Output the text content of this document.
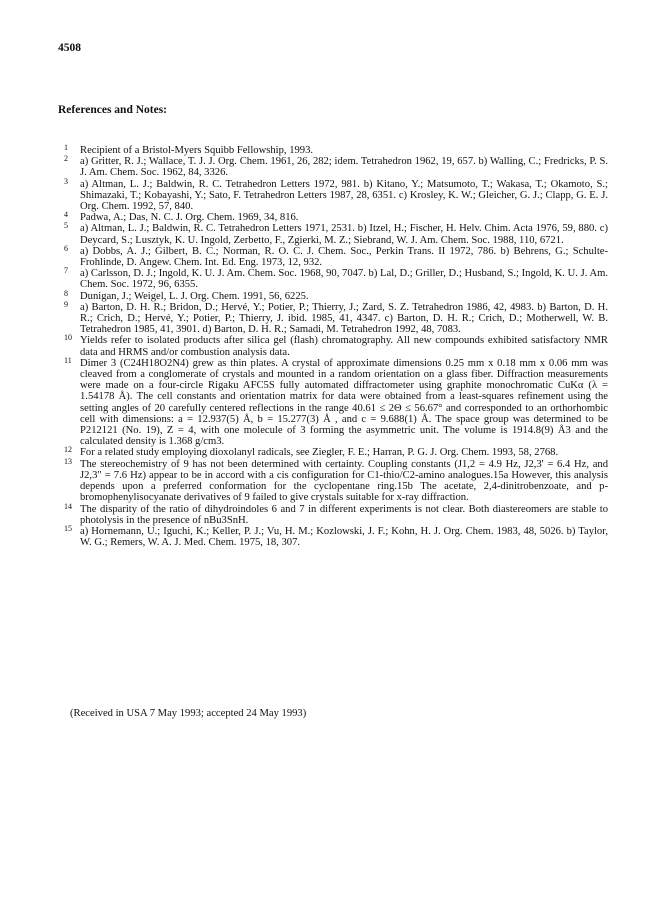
4508
References and Notes:

1 Recipient of a Bristol-Myers Squibb Fellowship, 1993.

2 a) Gritter, R. J.; Wallace, T. J. J. Org. Chem. 1961, 26, 282; idem. Tetrahedron 1962, 19, 657. b) Walling, C.; Fredricks, P. S. J. Am. Chem. Soc. 1962, 84, 3326.

3 a) Altman, L. J.; Baldwin, R. C. Tetrahedron Letters 1972, 981. b) Kitano, Y.; Matsumoto, T.; Wakasa, T.; Okamoto, S.; Shimazaki, T.; Kobayashi, Y.; Sato, F. Tetrahedron Letters 1987, 28, 6351. c) Krosley, K. W.; Gleicher, G. J.; Clapp, G. E. J. Org. Chem. 1992, 57, 840.

4 Padwa, A.; Das, N. C. J. Org. Chem. 1969, 34, 816.

5 a) Altman, L. J.; Baldwin, R. C. Tetrahedron Letters 1971, 2531. b) Itzel, H.; Fischer, H. Helv. Chim. Acta 1976, 59, 880. c) Deycard, S.; Lusztyk, K. U. Ingold, Zerbetto, F., Zgierki, M. Z.; Siebrand, W. J. Am. Chem. Soc. 1988, 110, 6721.

6 a) Dobbs, A. J.; Gilbert, B. C.; Norman, R. O. C. J. Chem. Soc., Perkin Trans. II 1972, 786. b) Behrens, G.; Schulte-Frohlinde, D. Angew. Chem. Int. Ed. Eng. 1973, 12, 932.

7 a) Carlsson, D. J.; Ingold, K. U. J. Am. Chem. Soc. 1968, 90, 7047. b) Lal, D.; Griller, D.; Husband, S.; Ingold, K. U. J. Am. Chem. Soc. 1972, 96, 6355.

8 Dunigan, J.; Weigel, L. J. Org. Chem. 1991, 56, 6225.

9 a) Barton, D. H. R.; Bridon, D.; Hervé, Y.; Potier, P.; Thierry, J.; Zard, S. Z. Tetrahedron 1986, 42, 4983. b) Barton, D. H. R.; Crich, D.; Hervé, Y.; Potier, P.; Thierry, J. ibid. 1985, 41, 4347. c) Barton, D. H. R.; Crich, D.; Motherwell, W. B. Tetrahedron 1985, 41, 3901. d) Barton, D. H. R.; Samadi, M. Tetrahedron 1992, 48, 7083.

10 Yields refer to isolated products after silica gel (flash) chromatography. All new compounds exhibited satisfactory NMR data and HRMS and/or combustion analysis data.

11 Dimer 3 (C24H18O2N4) grew as thin plates. A crystal of approximate dimensions 0.25 mm x 0.18 mm x 0.06 mm was cleaved from a conglomerate of crystals and mounted in a random orientation on a glass fiber. Diffraction measurements were made on a four-circle Rigaku AFC5S fully automated diffractometer using graphite monochromatic CuKα (λ = 1.54178 Å). The cell constants and orientation matrix for data were obtained from a least-squares refinement using the setting angles of 20 carefully centered reflections in the range 40.61 ≤ 2Θ ≤ 56.67° and corresponded to an orthorhombic cell with dimensions: a = 12.937(5) Å, b = 15.277(3) Å , and c = 9.688(1) Å. The space group was determined to be P212121 (No. 19), Z = 4, with one molecule of 3 forming the asymmetric unit. The volume is 1914.8(9) Å3 and the calculated density is 1.368 g/cm3.

12 For a related study employing dioxolanyl radicals, see Ziegler, F. E.; Harran, P. G. J. Org. Chem. 1993, 58, 2768.

13 The stereochemistry of 9 has not been determined with certainty. Coupling constants (J1,2 = 4.9 Hz, J2,3' = 6.4 Hz, and J2,3" = 7.6 Hz) appear to be in accord with a cis configuration for C1-thio/C2-amino analogues.15a However, this analysis depends upon a preferred conformation for the cyclopentane ring.15b The acetate, 2,4-dinitrobenzoate, and p-bromophenylisocyanate derivatives of 9 failed to give crystals suitable for x-ray diffraction.

14 The disparity of the ratio of dihydroindoles 6 and 7 in different experiments is not clear. Both diastereomers are stable to photolysis in the presence of nBu3SnH.

15 a) Hornemann, U.; Iguchi, K.; Keller, P. J.; Vu, H. M.; Kozlowski, J. F.; Kohn, H. J. Org. Chem. 1983, 48, 5026. b) Taylor, W. G.; Remers, W. A. J. Med. Chem. 1975, 18, 307.

(Received in USA 7 May 1993; accepted 24 May 1993)
